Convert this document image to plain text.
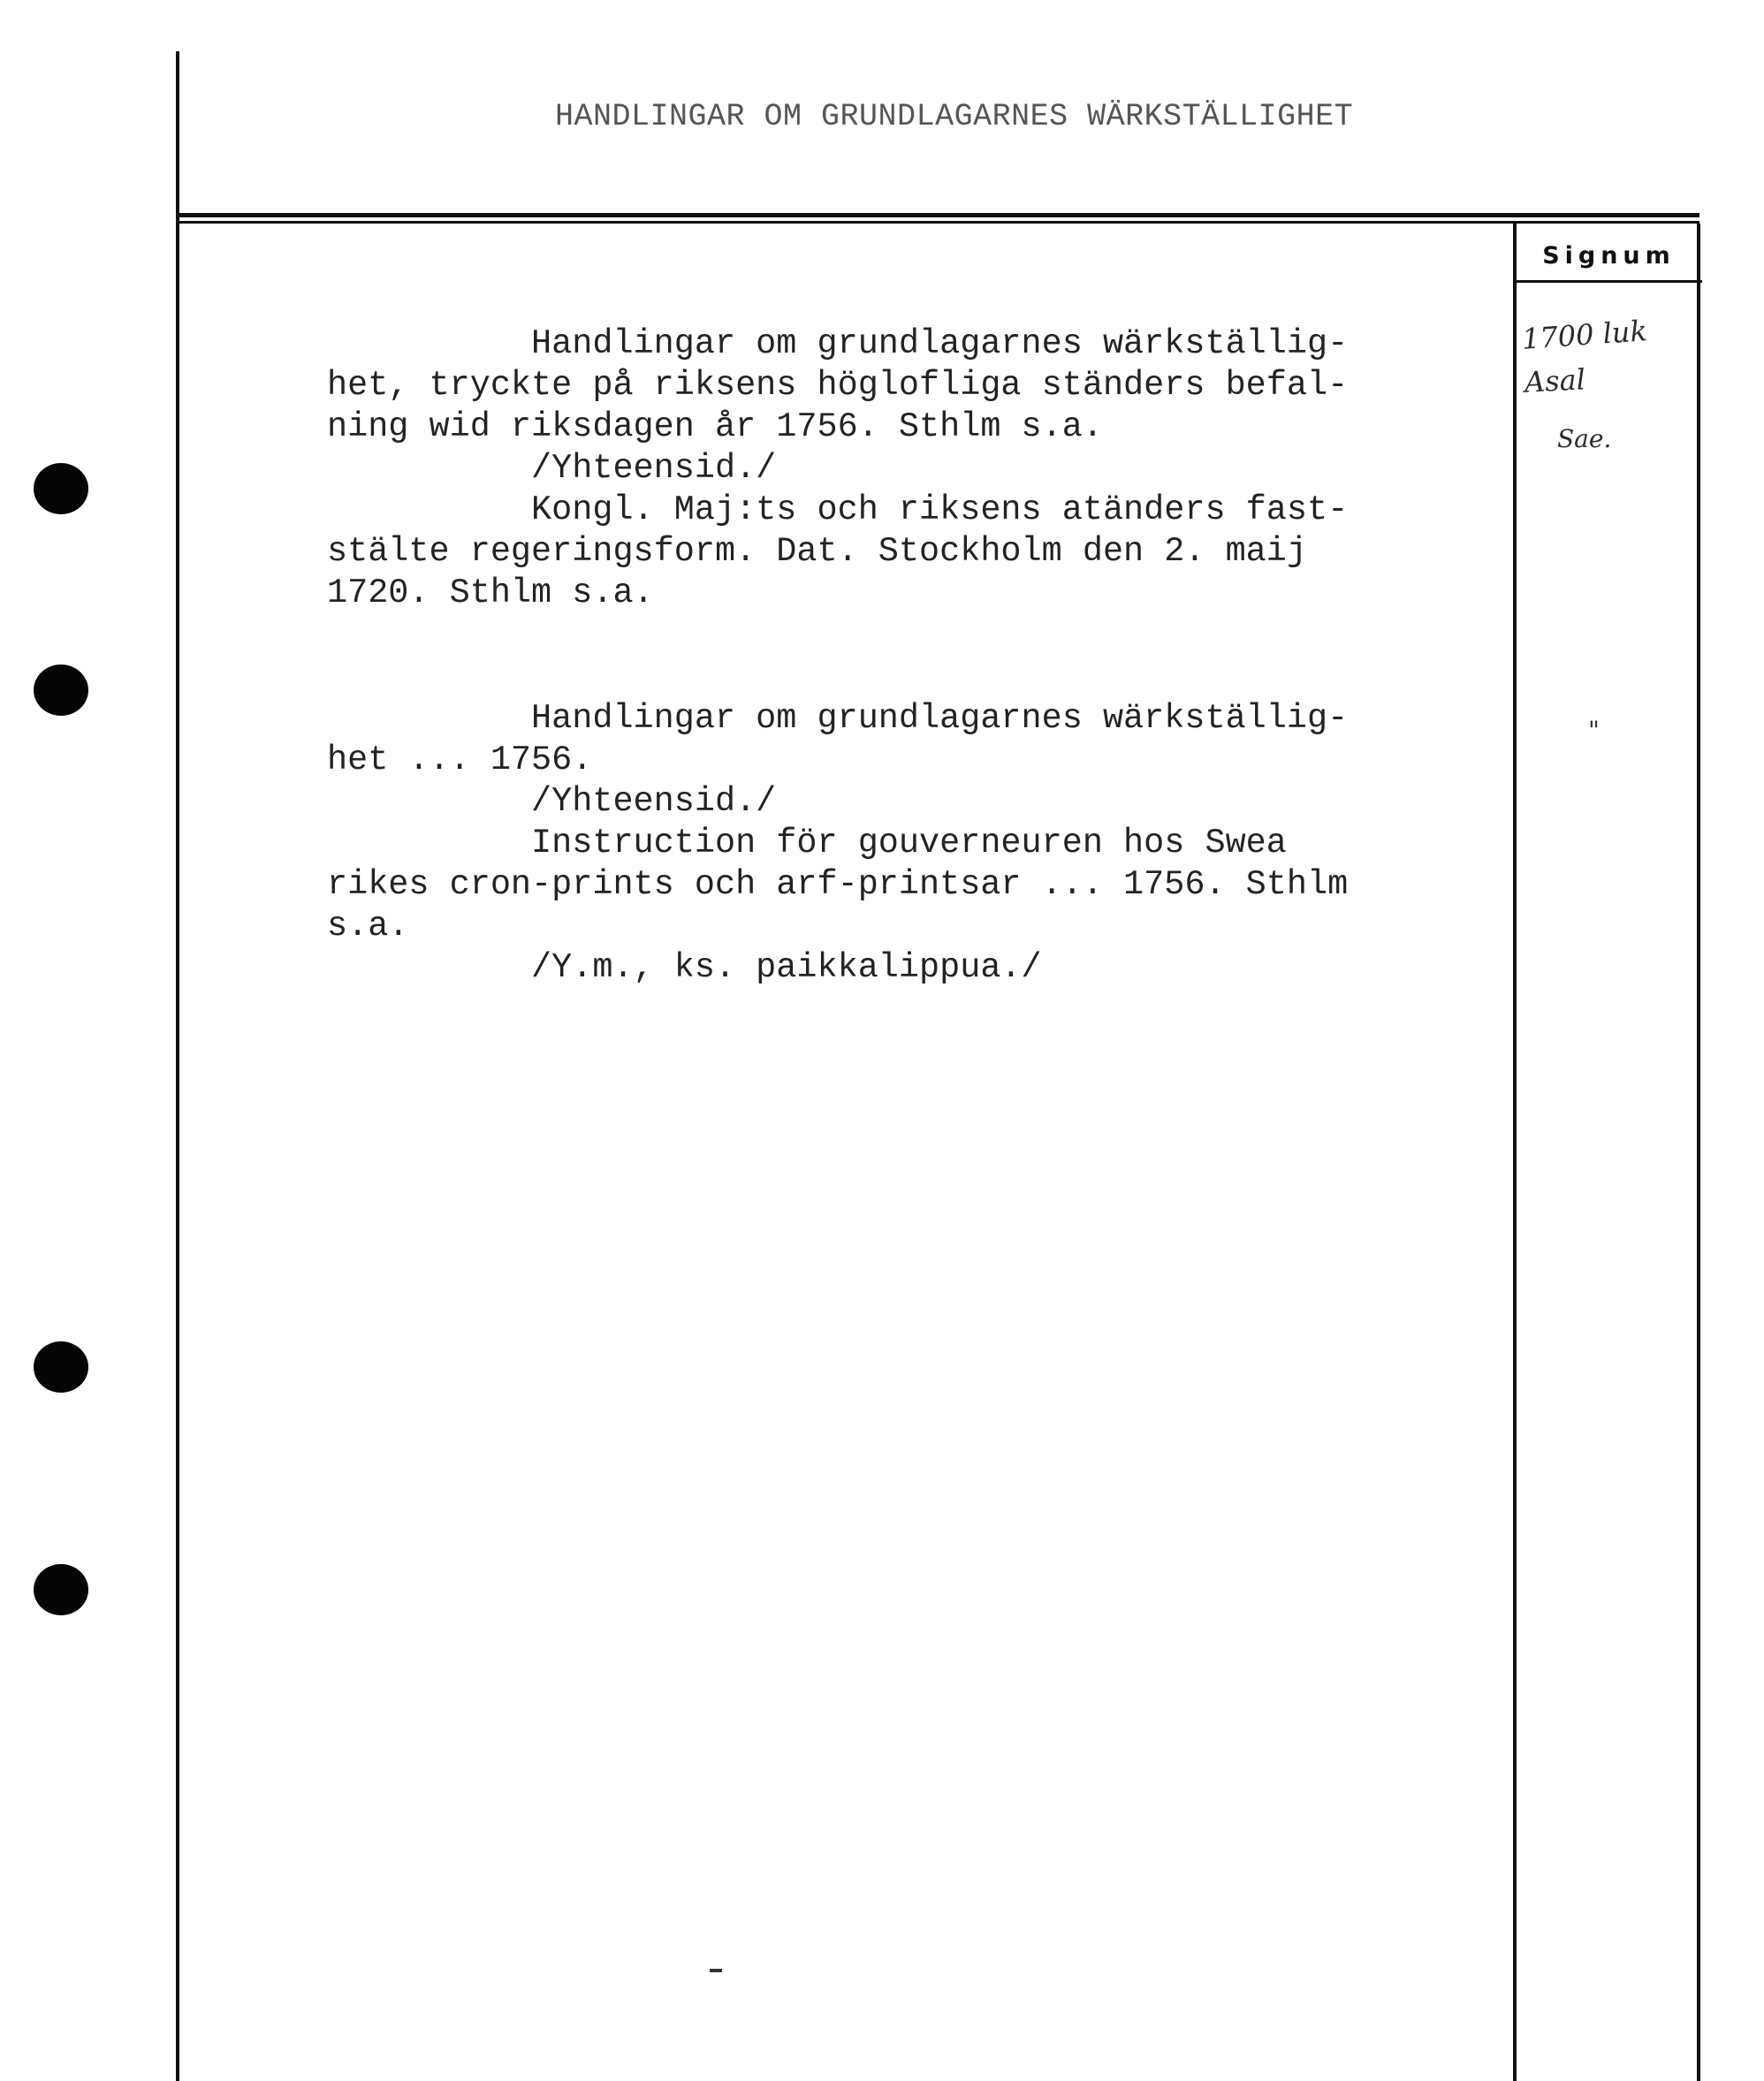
HANDLINGAR OM GRUNDLAGARNES WÄRKSTÄLLIGHET
Signum
1700 luk
Asal
Sae.
"
Handlingar om grundlagarnes wärkställig-
het, tryckte på riksens höglofliga ständers befal-
ning wid riksdagen år 1756. Sthlm s.a.
/Yhteensid./
Kongl. Maj:ts och riksens atänders fast-
stälte regeringsform. Dat. Stockholm den 2. maij
1720. Sthlm s.a.
Handlingar om grundlagarnes wärkställig-
het ... 1756.
/Yhteensid./
Instruction för gouverneuren hos Swea
rikes cron-prints och arf-printsar ... 1756. Sthlm
s.a.
/Y.m., ks. paikkalippua./
